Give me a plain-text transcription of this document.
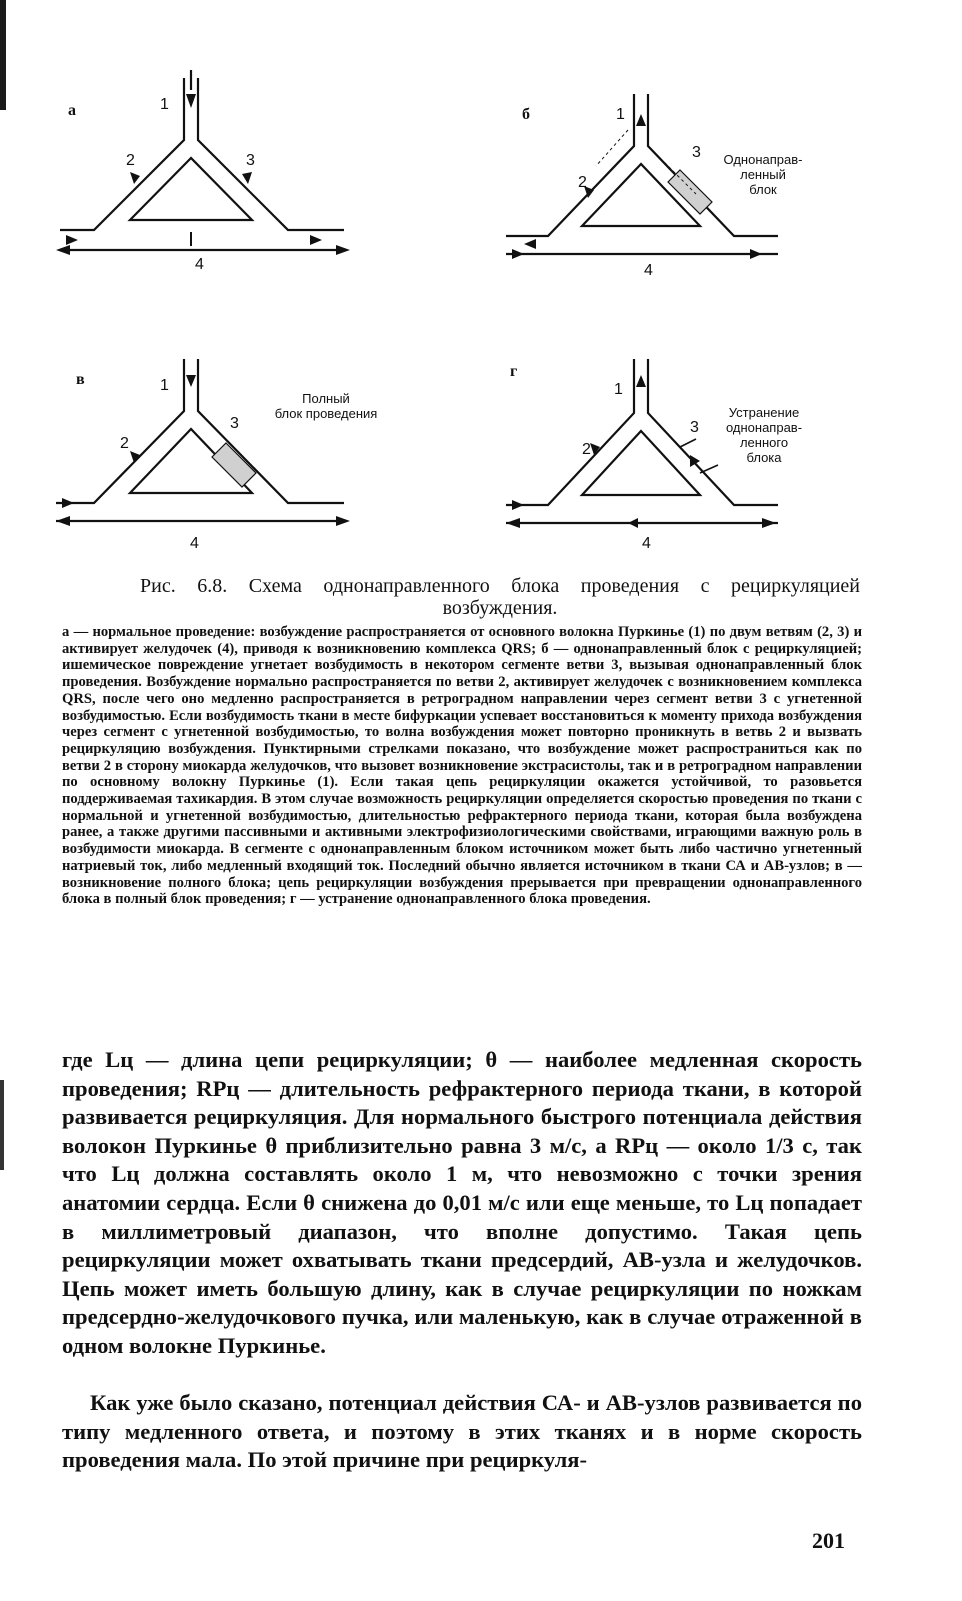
а	1
2	3
4
б	1
2
3
4
Однонаправ-
ленный
блок
в	1
2
3
4
Полный
блок проведения
г
1
2
3
4
Устранение
однонаправ-
ленного
блока
Рис. 6.8. Схема однонаправленного блока проведения с рециркуляцией возбуждения.
а — нормальное проведение: возбуждение распространяется от основного волокна Пуркинье (1) по двум ветвям (2, 3) и активирует желудочек (4), приводя к возникновению комплекса QRS; б — однонаправленный блок с рециркуляцией; ишемическое повреждение угнетает возбудимость в некотором сегменте ветви 3, вызывая однонаправленный блок проведения. Возбуждение нормально распространяется по ветви 2, активирует желудочек с возникновением комплекса QRS, после чего оно медленно распространяется в ретроградном направлении через сегмент ветви 3 с угнетенной возбудимостью. Если возбудимость ткани в месте бифуркации успевает восстановиться к моменту прихода возбуждения через сегмент с угнетенной возбудимостью, то волна возбуждения может повторно проникнуть в ветвь 2 и вызвать рециркуляцию возбуждения. Пунктирными стрелками показано, что возбуждение может распространиться как по ветви 2 в сторону миокарда желудочков, что вызовет возникновение экстрасистолы, так и в ретроградном направлении по основному волокну Пуркинье (1). Если такая цепь рециркуляции окажется устойчивой, то разовьется поддерживаемая тахикардия. В этом случае возможность рециркуляции определяется скоростью проведения по ткани с нормальной и угнетенной возбудимостью, длительностью рефрактерного периода ткани, которая была возбуждена ранее, а также другими пассивными и активными электрофизиологическими свойствами, играющими важную роль в возбудимости миокарда. В сегменте с однонаправленным блоком источником может быть либо частично угнетенный натриевый ток, либо медленный входящий ток. Последний обычно является источником в ткани СА и АВ-узлов; в — возникновение полного блока; цепь рециркуляции возбуждения прерывается при превращении однонаправленного блока в полный блок проведения; г — устранение однонаправленного блока проведения.
где Lц — длина цепи рециркуляции; θ — наиболее медленная скорость проведения; RPц — длительность рефрактерного периода ткани, в которой развивается рециркуляция. Для нормального быстрого потенциала действия волокон Пуркинье θ приблизительно равна 3 м/с, а RPц — около 1/3 с, так что Lц должна составлять около 1 м, что невозможно с точки зрения анатомии сердца. Если θ снижена до 0,01 м/с или еще меньше, то Lц попадает в миллиметровый диапазон, что вполне допустимо. Такая цепь рециркуляции может охватывать ткани предсердий, АВ-узла и желудочков. Цепь может иметь большую длину, как в случае рециркуляции по ножкам предсердно-желудочкового пучка, или маленькую, как в случае отраженной в одном волокне Пуркинье.
Как уже было сказано, потенциал действия СА- и АВ-узлов развивается по типу медленного ответа, и поэтому в этих тканях и в норме скорость проведения мала. По этой причине при рециркуля-
201
